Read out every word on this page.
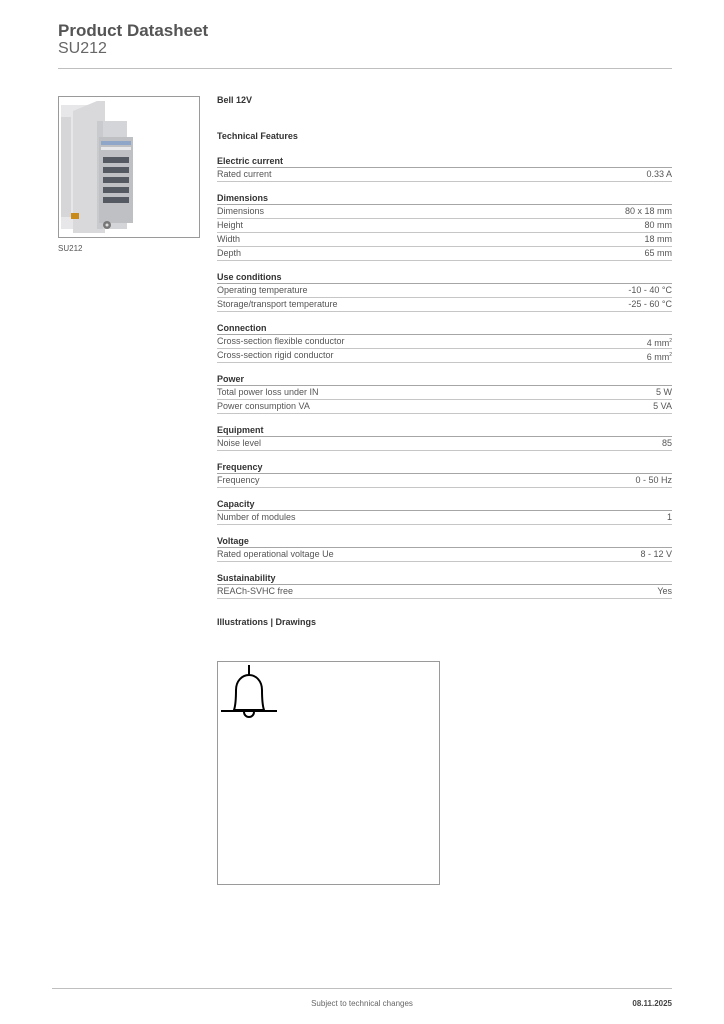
Product Datasheet
SU212
SU212
Bell 12V
Technical Features
Electric current
Rated current	0.33 A
Dimensions
Dimensions	80 x 18 mm
Height	80 mm
Width	18 mm
Depth	65 mm
Use conditions
Operating temperature	-10 - 40 °C
Storage/transport temperature	-25 - 60 °C
Connection
Cross-section flexible conductor	4 $mm^2$
Cross-section rigid conductor	6 $mm^2$
Power
Total power loss under IN	5 W
Power consumption VA	5 VA
Equipment
Noise level	85
Frequency
Frequency	0 - 50 Hz
Capacity
Number of modules	1
Voltage
Rated operational voltage Ue	8 - 12 V
Sustainability
REACh-SVHC free	Yes
Illustrations | Drawings
Subject to technical changes	08.11.2025
